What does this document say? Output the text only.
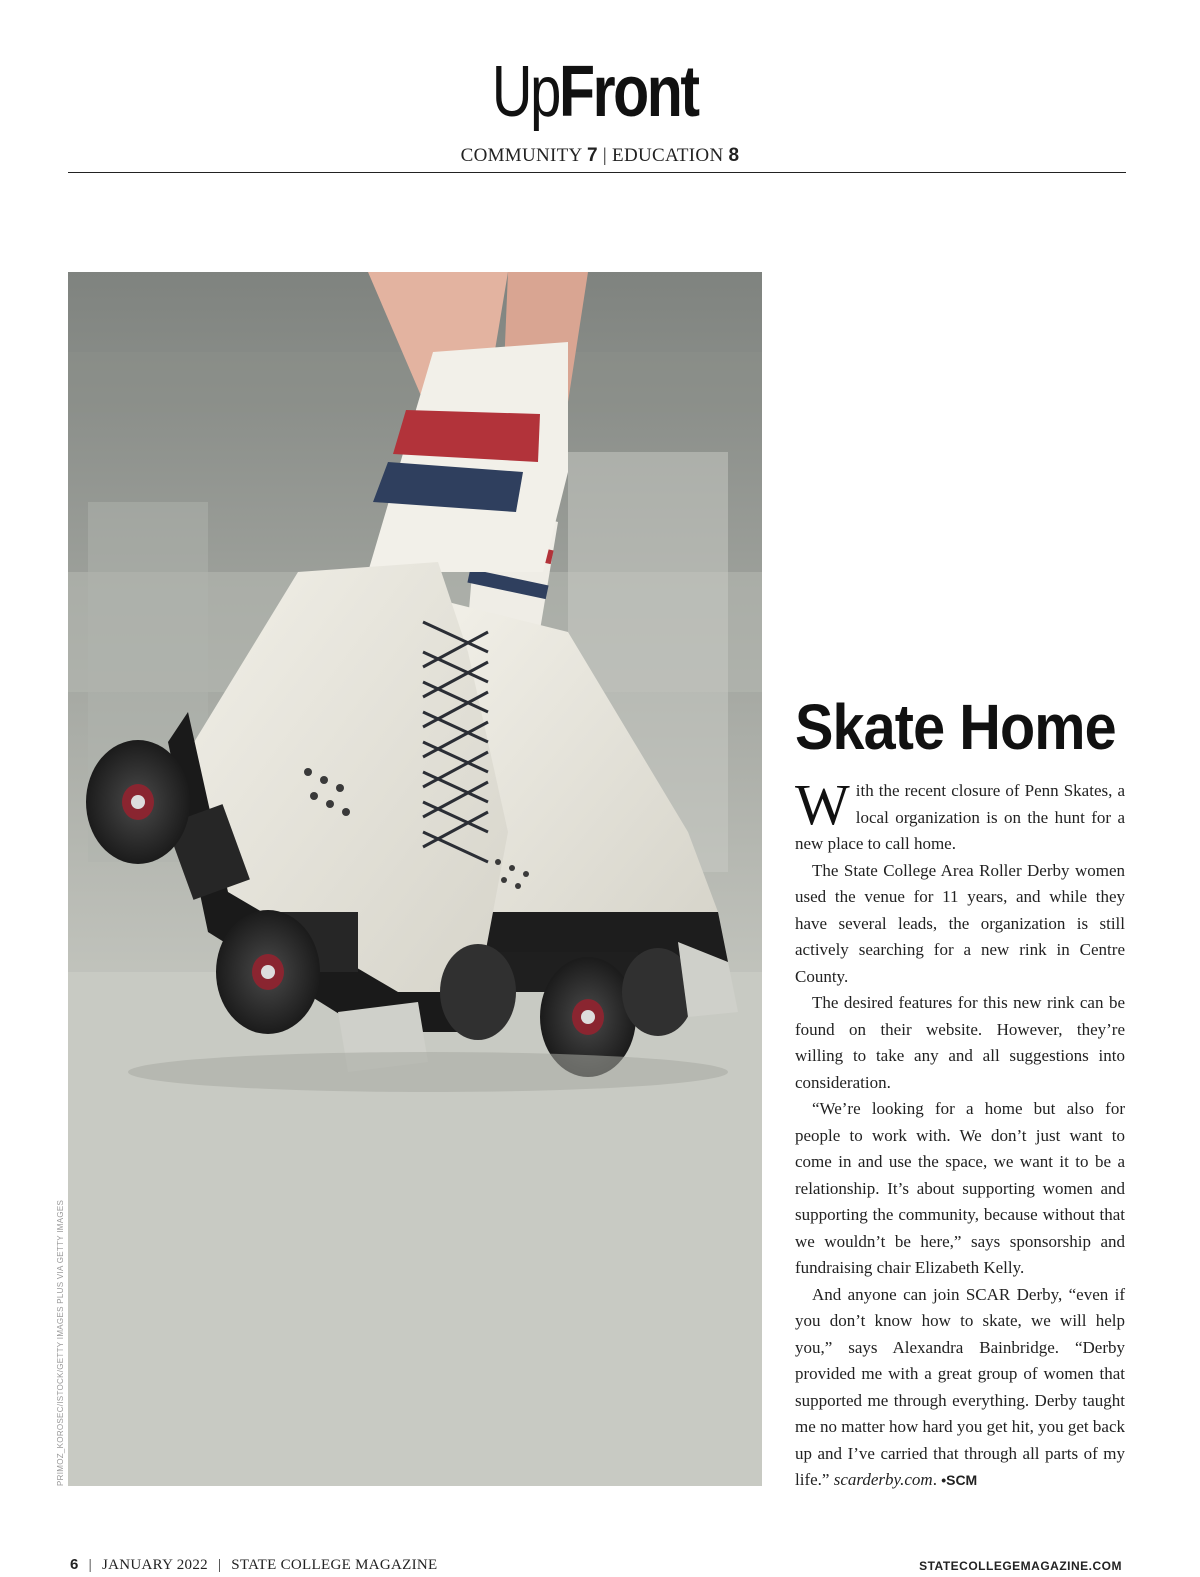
UpFront
COMMUNITY 7 | EDUCATION 8
PRIMOZ_KOROSEC/ISTOCK/GETTY IMAGES PLUS VIA GETTY IMAGES
Skate Home

With the recent closure of Penn Skates, a local organization is on the hunt for a new place to call home.

The State College Area Roller Derby women used the venue for 11 years, and while they have several leads, the organization is still actively searching for a new rink in Centre County.

The desired features for this new rink can be found on their website. However, they’re willing to take any and all suggestions into consideration.

“We’re looking for a home but also for people to work with. We don’t just want to come in and use the space, we want it to be a relationship. It’s about supporting women and supporting the community, because without that we wouldn’t be here,” says sponsorship and fundraising chair Elizabeth Kelly.

And anyone can join SCAR Derby, “even if you don’t know how to skate, we will help you,” says Alexandra Bainbridge. “Derby provided me with a great group of women that supported me through everything. Derby taught me no matter how hard you get hit, you get back up and I’ve carried that through all parts of my life.” scarderby.com. •SCM

6 | JANUARY 2022 | STATE COLLEGE MAGAZINE	STATECOLLEGEMAGAZINE.COM
